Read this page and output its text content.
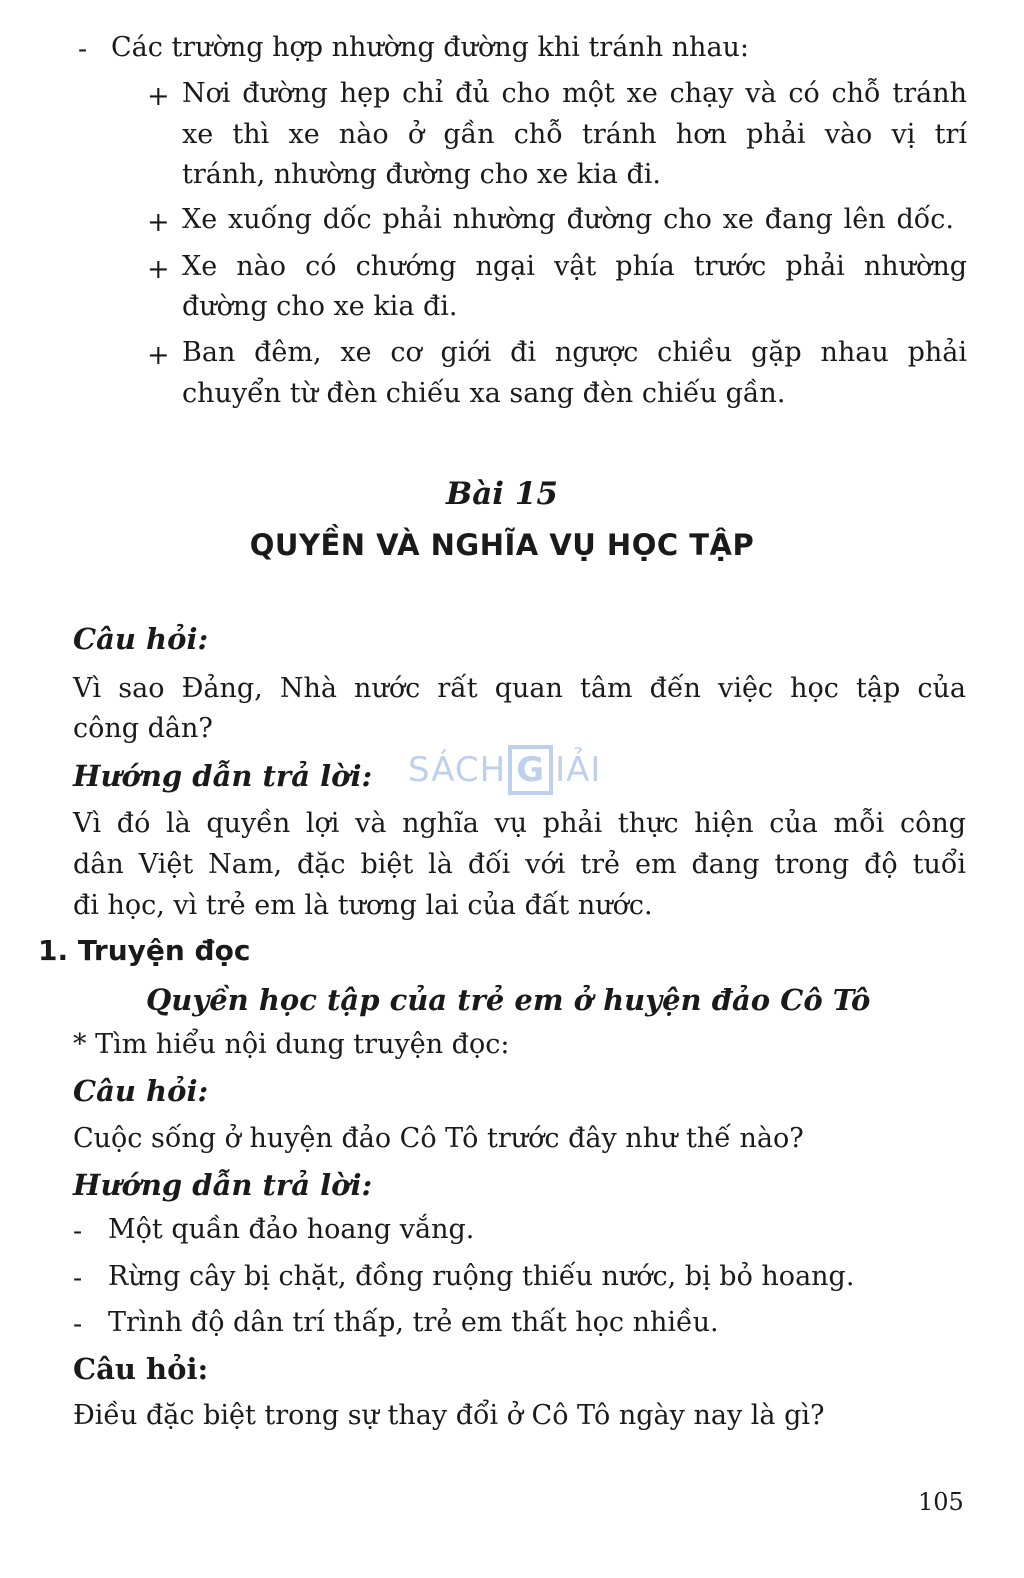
- Các trường hợp nhường đường khi tránh nhau:
+ Nơi đường hẹp chỉ đủ cho một xe chạy và có chỗ tránh
xe thì xe nào ở gần chỗ tránh hơn phải vào vị trí
tránh, nhường đường cho xe kia đi.
+ Xe xuống dốc phải nhường đường cho xe đang lên dốc.
+ Xe nào có chướng ngại vật phía trước phải nhường
đường cho xe kia đi.
+ Ban đêm, xe cơ giới đi ngược chiều gặp nhau phải
chuyển từ đèn chiếu xa sang đèn chiếu gần.
Bài 15
QUYỀN VÀ NGHĨA VỤ HỌC TẬP
Câu hỏi:
Vì sao Đảng, Nhà nước rất quan tâm đến việc học tập của
công dân?
Hướng dẫn trả lời:
Vì đó là quyền lợi và nghĩa vụ phải thực hiện của mỗi công
dân Việt Nam, đặc biệt là đối với trẻ em đang trong độ tuổi
đi học, vì trẻ em là tương lai của đất nước.
SÁCH G IẢI
1. Truyện đọc
Quyền học tập của trẻ em ở huyện đảo Cô Tô
* Tìm hiểu nội dung truyện đọc:
Câu hỏi:
Cuộc sống ở huyện đảo Cô Tô trước đây như thế nào?
Hướng dẫn trả lời:
- Một quần đảo hoang vắng.
- Rừng cây bị chặt, đồng ruộng thiếu nước, bị bỏ hoang.
- Trình độ dân trí thấp, trẻ em thất học nhiều.
Câu hỏi:
Điều đặc biệt trong sự thay đổi ở Cô Tô ngày nay là gì?
105
